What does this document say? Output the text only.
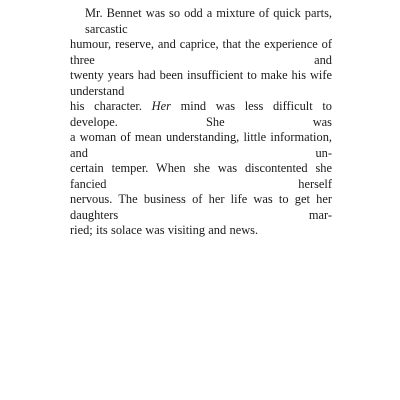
Mr. Bennet was so odd a mixture of quick parts, sarcastic
humour, reserve, and caprice, that the experience of three and
twenty years had been insufficient to make his wife understand
his character. Her mind was less difficult to develope. She was
a woman of mean understanding, little information, and un-
certain temper. When she was discontented she fancied herself
nervous. The business of her life was to get her daughters mar-
ried; its solace was visiting and news.
